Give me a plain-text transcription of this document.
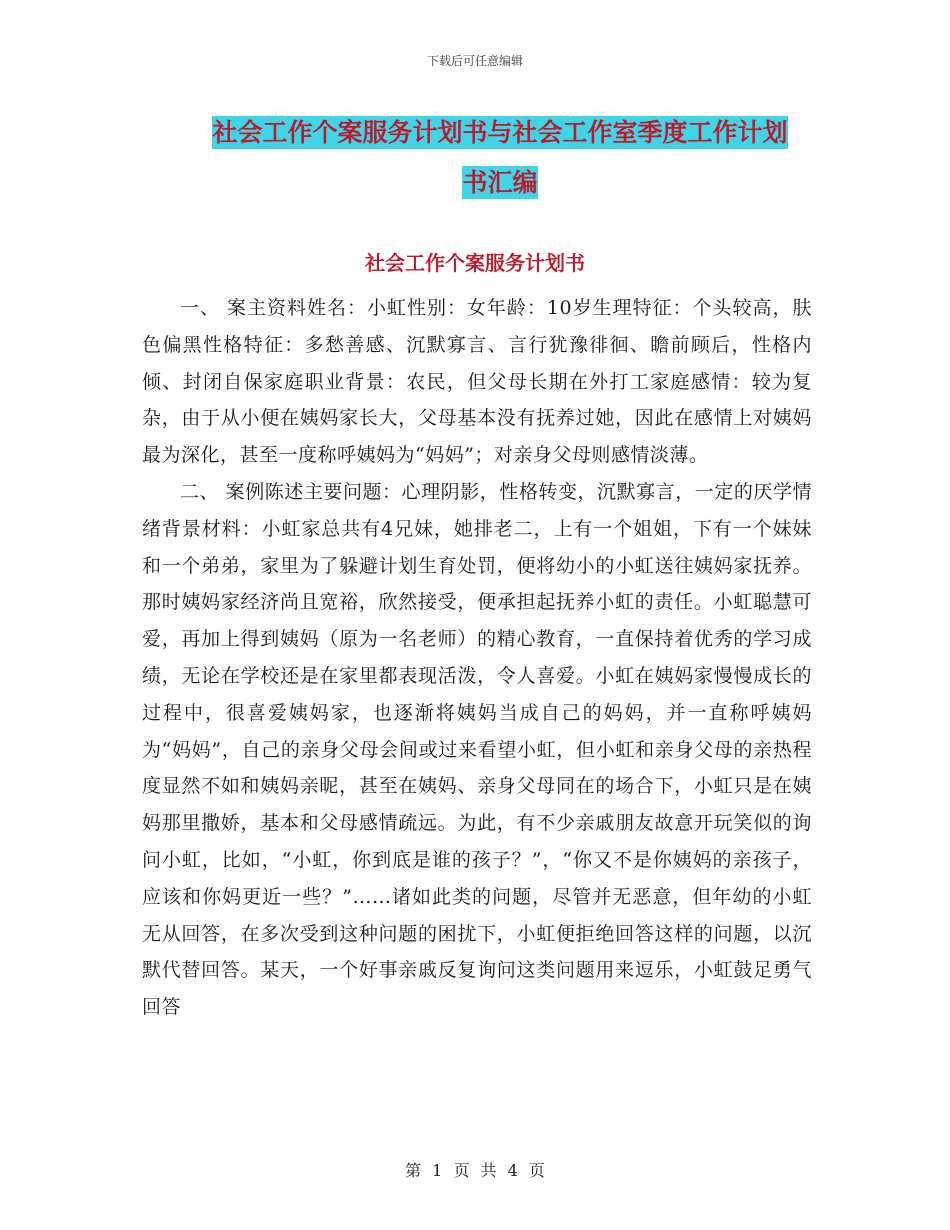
下载后可任意编辑
社会工作个案服务计划书与社会工作室季度工作计划
书汇编
社会工作个案服务计划书

一、 案主资料姓名：小虹性别：女年龄：10岁生理特征：个头较高，肤色偏黑性格特征：多愁善感、沉默寡言、言行犹豫徘徊、瞻前顾后，性格内倾、封闭自保家庭职业背景：农民，但父母长期在外打工家庭感情：较为复杂，由于从小便在姨妈家长大，父母基本没有抚养过她，因此在感情上对姨妈最为深化，甚至一度称呼姨妈为“妈妈”；对亲身父母则感情淡薄。

二、 案例陈述主要问题：心理阴影，性格转变，沉默寡言，一定的厌学情绪背景材料：小虹家总共有4兄妹，她排老二，上有一个姐姐，下有一个妹妹和一个弟弟，家里为了躲避计划生育处罚，便将幼小的小虹送往姨妈家抚养。那时姨妈家经济尚且宽裕，欣然接受，便承担起抚养小虹的责任。小虹聪慧可爱，再加上得到姨妈（原为一名老师）的精心教育，一直保持着优秀的学习成绩，无论在学校还是在家里都表现活泼，令人喜爱。小虹在姨妈家慢慢成长的过程中，很喜爱姨妈家，也逐渐将姨妈当成自己的妈妈，并一直称呼姨妈为“妈妈”，自己的亲身父母会间或过来看望小虹，但小虹和亲身父母的亲热程度显然不如和姨妈亲昵，甚至在姨妈、亲身父母同在的场合下，小虹只是在姨妈那里撒娇，基本和父母感情疏远。为此，有不少亲戚朋友故意开玩笑似的询问小虹，比如，“小虹，你到底是谁的孩子？”，“你又不是你姨妈的亲孩子，应该和你妈更近一些？”……诸如此类的问题，尽管并无恶意，但年幼的小虹无从回答，在多次受到这种问题的困扰下，小虹便拒绝回答这样的问题，以沉默代替回答。某天，一个好事亲戚反复询问这类问题用来逗乐，小虹鼓足勇气回答

第 1 页 共 4 页
